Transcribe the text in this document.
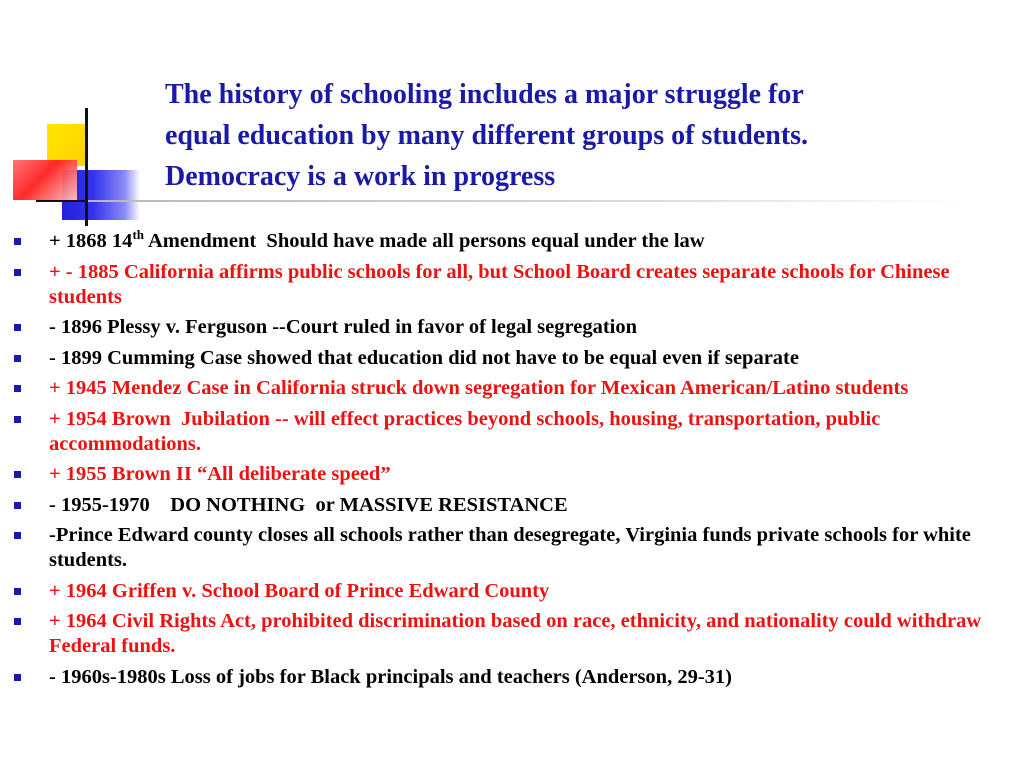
The history of schooling includes a major struggle for
equal education by many different groups of students.
Democracy is a work in progress
+ 1868 14th Amendment  Should have made all persons equal under the law
+ - 1885 California affirms public schools for all, but School Board creates separate schools for Chinese students
- 1896 Plessy v. Ferguson --Court ruled in favor of legal segregation
- 1899 Cumming Case showed that education did not have to be equal even if separate
+ 1945 Mendez Case in California struck down segregation for Mexican American/Latino students
+ 1954 Brown  Jubilation -- will effect practices beyond schools, housing, transportation, public accommodations.
+ 1955 Brown II “All deliberate speed”
- 1955-1970    DO NOTHING  or MASSIVE RESISTANCE
-Prince Edward county closes all schools rather than desegregate, Virginia funds private schools for white students.
+ 1964 Griffen v. School Board of Prince Edward County
+ 1964 Civil Rights Act, prohibited discrimination based on race, ethnicity, and nationality could withdraw Federal funds.
- 1960s-1980s Loss of jobs for Black principals and teachers (Anderson, 29-31)
